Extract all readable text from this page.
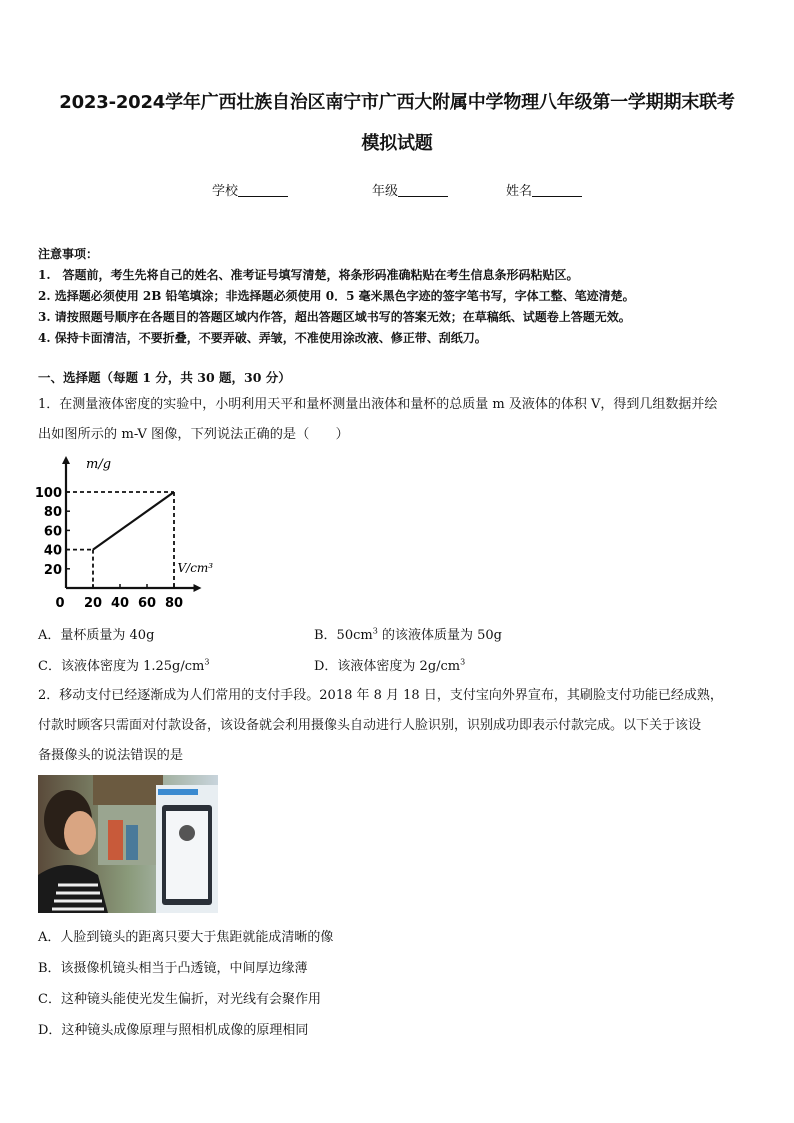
2023-2024学年广西壮族自治区南宁市广西大附属中学物理八年级第一学期期末联考
模拟试题
学校	年级	姓名
注意事项：
1.　答题前，考生先将自己的姓名、准考证号填写清楚，将条形码准确粘贴在考生信息条形码粘贴区。
2. 选择题必须使用 2B 铅笔填涂；非选择题必须使用 0．5 毫米黑色字迹的签字笔书写，字体工整、笔迹清楚。
3. 请按照题号顺序在各题目的答题区域内作答，超出答题区域书写的答案无效；在草稿纸、试题卷上答题无效。
4. 保持卡面清洁，不要折叠，不要弄破、弄皱，不准使用涂改液、修正带、刮纸刀。
一、选择题（每题 1 分，共 30 题，30 分）
1．在测量液体密度的实验中，小明利用天平和量杯测量出液体和量杯的总质量 m 及液体的体积 V，得到几组数据并绘
出如图所示的 m-V 图像，下列说法正确的是（　　）
20 40 60 80
20
40
60
80
100
0
m/g
V/cm³
A．量杯质量为 40g	B．$50cm^3$ 的该液体质量为 50g
C．该液体密度为 $1.25g/cm^3$	D．该液体密度为 $2g/cm^3$
2．移动支付已经逐渐成为人们常用的支付手段。2018 年 8 月 18 日，支付宝向外界宣布，其刷脸支付功能已经成熟，
付款时顾客只需面对付款设备，该设备就会利用摄像头自动进行人脸识别，识别成功即表示付款完成。以下关于该设
备摄像头的说法错误的是
A．人脸到镜头的距离只要大于焦距就能成清晰的像
B．该摄像机镜头相当于凸透镜，中间厚边缘薄
C．这种镜头能使光发生偏折，对光线有会聚作用
D．这种镜头成像原理与照相机成像的原理相同
